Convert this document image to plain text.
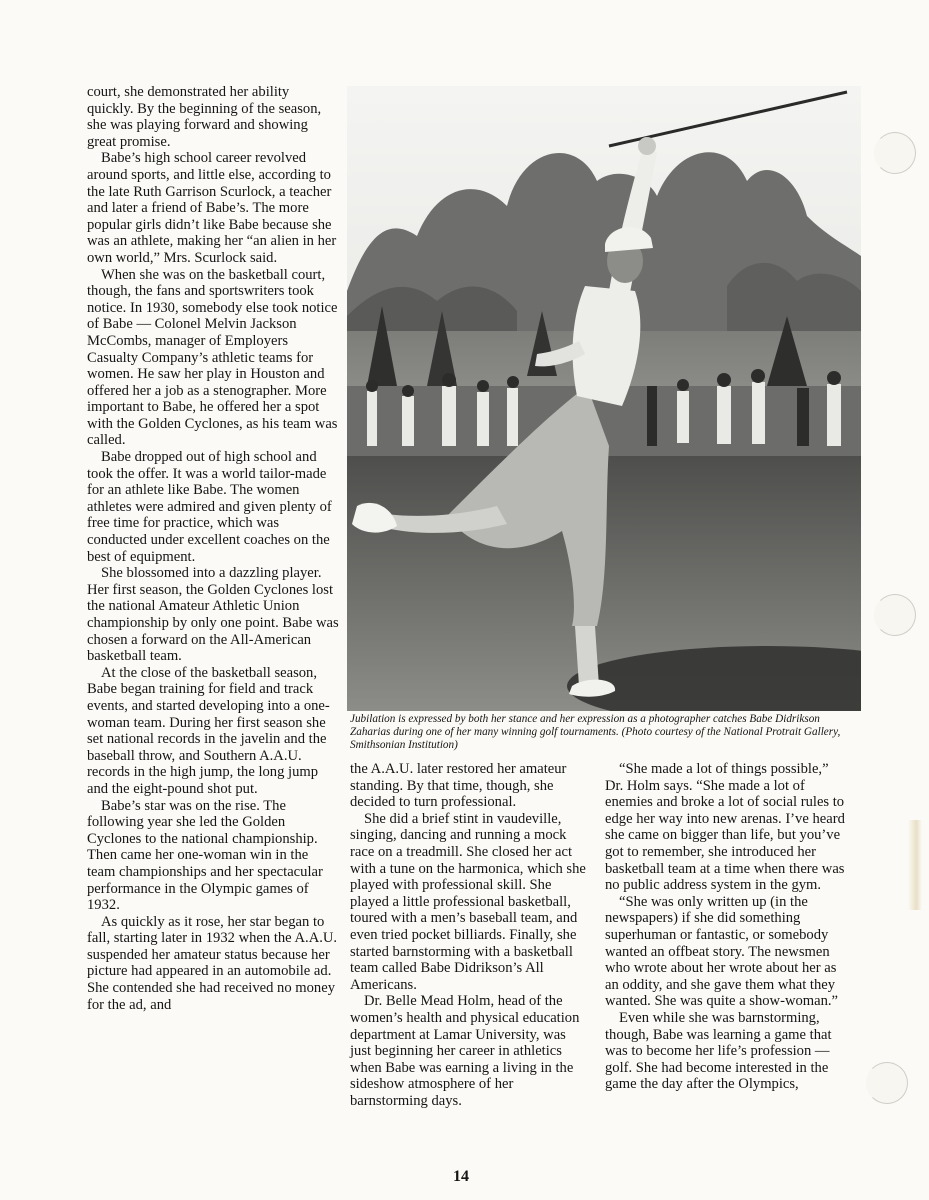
court, she demonstrated her ability quickly. By the beginning of the season, she was playing forward and showing great promise.

Babe’s high school career revolved around sports, and little else, according to the late Ruth Garrison Scurlock, a teacher and later a friend of Babe’s. The more popular girls didn’t like Babe because she was an athlete, making her “an alien in her own world,” Mrs. Scurlock said.

When she was on the basketball court, though, the fans and sportswriters took notice. In 1930, somebody else took notice of Babe — Colonel Melvin Jackson McCombs, manager of Employers Casualty Company’s athletic teams for women. He saw her play in Houston and offered her a job as a stenographer. More important to Babe, he offered her a spot with the Golden Cyclones, as his team was called.

Babe dropped out of high school and took the offer. It was a world tailor-made for an athlete like Babe. The women athletes were admired and given plenty of free time for practice, which was conducted under excellent coaches on the best of equipment.

She blossomed into a dazzling player. Her first season, the Golden Cyclones lost the national Amateur Athletic Union championship by only one point. Babe was chosen a forward on the All-American basketball team.

At the close of the basketball season, Babe began training for field and track events, and started developing into a one-woman team. During her first season she set national records in the javelin and the baseball throw, and Southern A.A.U. records in the high jump, the long jump and the eight-pound shot put.

Babe’s star was on the rise. The following year she led the Golden Cyclones to the national championship. Then came her one-woman win in the team championships and her spectacular performance in the Olympic games of 1932.

As quickly as it rose, her star began to fall, starting later in 1932 when the A.A.U. suspended her amateur status because her picture had appeared in an automobile ad. She contended she had received no money for the ad, and

Jubilation is expressed by both her stance and her expression as a photographer catches Babe Didrikson Zaharias during one of her many winning golf tournaments. (Photo courtesy of the National Protrait Gallery, Smithsonian Institution)

the A.A.U. later restored her amateur standing. By that time, though, she decided to turn professional.

She did a brief stint in vaudeville, singing, dancing and running a mock race on a treadmill. She closed her act with a tune on the harmonica, which she played with professional skill. She played a little professional basketball, toured with a men’s baseball team, and even tried pocket billiards. Finally, she started barnstorming with a basketball team called Babe Didrikson’s All Americans.

Dr. Belle Mead Holm, head of the women’s health and physical education department at Lamar University, was just beginning her career in athletics when Babe was earning a living in the sideshow atmosphere of her barnstorming days.

“She made a lot of things possible,” Dr. Holm says. “She made a lot of enemies and broke a lot of social rules to edge her way into new arenas. I’ve heard she came on bigger than life, but you’ve got to remember, she introduced her basketball team at a time when there was no public address system in the gym.

“She was only written up (in the newspapers) if she did something superhuman or fantastic, or somebody wanted an offbeat story. The newsmen who wrote about her wrote about her as an oddity, and she gave them what they wanted. She was quite a show-woman.”

Even while she was barnstorming, though, Babe was learning a game that was to become her life’s profession — golf. She had become interested in the game the day after the Olympics,

14
